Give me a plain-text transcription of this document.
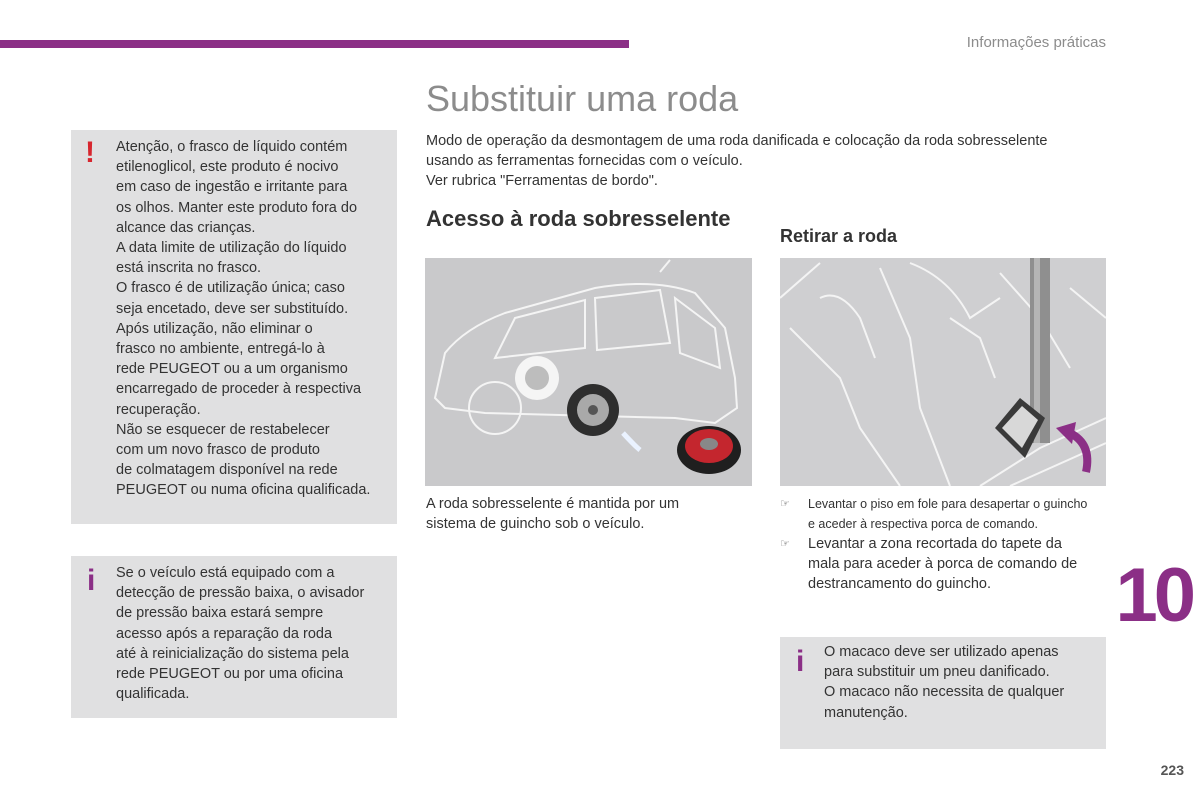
Informações práticas
Substituir uma roda

Modo de operação da desmontagem de uma roda danificada e colocação da roda sobresselente

usando as ferramentas fornecidas com o veículo.

Ver rubrica "Ferramentas de bordo".

! Atenção, o frasco de líquido contém

etilenoglicol, este produto é nocivo

em caso de ingestão e irritante para

os olhos. Manter este produto fora do

alcance das crianças.

A data limite de utilização do líquido

está inscrita no frasco.

O frasco é de utilização única; caso

seja encetado, deve ser substituído.

Após utilização, não eliminar o

frasco no ambiente, entregá-lo à

rede PEUGEOT ou a um organismo

encarregado de proceder à respectiva

recuperação.

Não se esquecer de restabelecer

com um novo frasco de produto

de colmatagem disponível na rede

PEUGEOT ou numa oficina qualificada.

i Se o veículo está equipado com a

detecção de pressão baixa, o avisador

de pressão baixa estará sempre

acesso após a reparação da roda

até à reinicialização do sistema pela

rede PEUGEOT ou por uma oficina

qualificada.

Acesso à roda sobresselente
A roda sobresselente é mantida por um
sistema de guincho sob o veículo.
Retirar a roda
☞	Levantar o piso em fole para desapertar o guincho
e aceder à respectiva porca de comando.
☞	Levantar a zona recortada do tapete da
mala para aceder à porca de comando de
destrancamento do guincho.
i O macaco deve ser utilizado apenas

para substituir um pneu danificado.

O macaco não necessita de qualquer

manutenção.

10
223
